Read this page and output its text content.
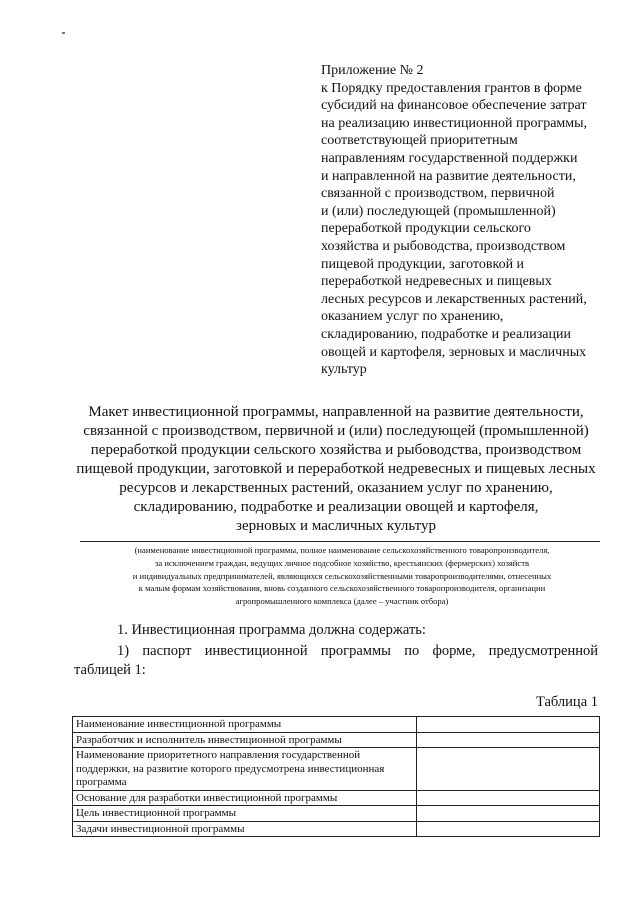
Приложение № 2
к Порядку предоставления грантов в форме
субсидий на финансовое обеспечение затрат
на реализацию инвестиционной программы,
соответствующей приоритетным
направлениям государственной поддержки
и направленной на развитие деятельности,
связанной с производством, первичной
и (или) последующей (промышленной)
переработкой продукции сельского
хозяйства и рыбоводства, производством
пищевой продукции, заготовкой и
переработкой недревесных и пищевых
лесных ресурсов и лекарственных растений,
оказанием услуг по хранению,
складированию, подработке и реализации
овощей и картофеля, зерновых и масличных
культур
Макет инвестиционной программы, направленной на развитие деятельности,
связанной с производством, первичной и (или) последующей (промышленной)
переработкой продукции сельского хозяйства и рыбоводства, производством
пищевой продукции, заготовкой и переработкой недревесных и пищевых лесных
ресурсов и лекарственных растений, оказанием услуг по хранению,
складированию, подработке и реализации овощей и картофеля,
зерновых и масличных культур
(наименование инвестиционной программы, полное наименование сельскохозяйственного товаропроизводителя,
за исключением граждан, ведущих личное подсобное хозяйство, крестьянских (фермерских) хозяйств
и индивидуальных предпринимателей, являющихся сельскохозяйственными товаропроизводителями, отнесенных
к малым формам хозяйствования, вновь созданного сельскохозяйственного товаропроизводителя, организации
агропромышленного комплекса (далее – участник отбора)
1. Инвестиционная программа должна содержать:
1) паспорт инвестиционной программы по форме, предусмотренной
таблицей 1:
Таблица 1
Наименование инвестиционной программы	
Разработчик и исполнитель инвестиционной программы	
Наименование приоритетного направления государственной поддержки, на развитие которого предусмотрена инвестиционная программа	
Основание для разработки инвестиционной программы	
Цель инвестиционной программы	
Задачи инвестиционной программы	
